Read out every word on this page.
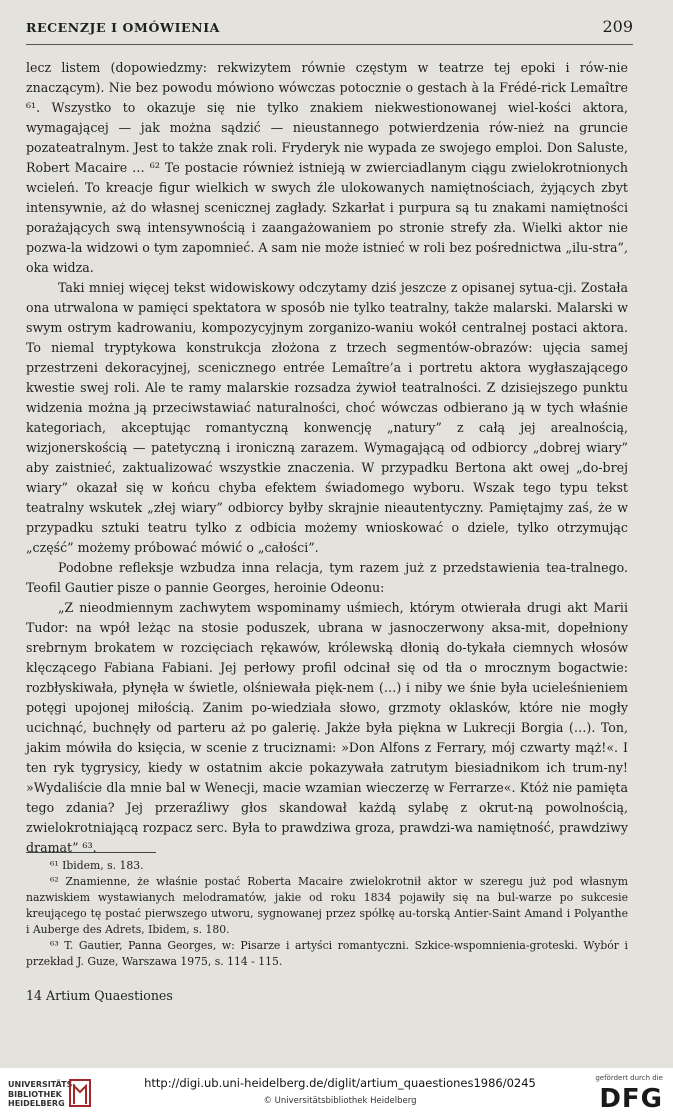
RECENZJE I OMÓWIENIA	209

lecz listem (dopowiedzmy: rekwizytem równie częstym w teatrze tej epoki i rów-nie znaczącym). Nie bez powodu mówiono wówczas potocznie o gestach à la Frédé-rick Lemaître ⁶¹. Wszystko to okazuje się nie tylko znakiem niekwestionowanej wiel-kości aktora, wymagającej — jak można sądzić — nieustannego potwierdzenia rów-nież na gruncie pozateatralnym. Jest to także znak roli. Fryderyk nie wypada ze swojego emploi. Don Saluste, Robert Macaire … ⁶² Te postacie również istnieją w zwierciadlanym ciągu zwielokrotnionych wcieleń. To kreacje figur wielkich w swych źle ulokowanych namiętnościach, żyjących zbyt intensywnie, aż do własnej scenicznej zagłady. Szkarłat i purpura są tu znakami namiętności porażających swą intensywnością i zaangażowaniem po stronie strefy zła. Wielki aktor nie pozwa-la widzowi o tym zapomnieć. A sam nie może istnieć w roli bez pośrednictwa „ilu-stra”, oka widza.

Taki mniej więcej tekst widowiskowy odczytamy dziś jeszcze z opisanej sytua-cji. Została ona utrwalona w pamięci spektatora w sposób nie tylko teatralny, także malarski. Malarski w swym ostrym kadrowaniu, kompozycyjnym zorganizo-waniu wokół centralnej postaci aktora. To niemal tryptykowa konstrukcja złożona z trzech segmentów-obrazów: ujęcia samej przestrzeni dekoracyjnej, scenicznego entrée Lemaître’a i portretu aktora wygłaszającego kwestie swej roli. Ale te ramy malarskie rozsadza żywioł teatralności. Z dzisiejszego punktu widzenia można ją przeciwstawiać naturalności, choć wówczas odbierano ją w tych właśnie kategoriach, akceptując romantyczną konwencję „natury” z całą jej arealnością, wizjonerskością — patetyczną i ironiczną zarazem. Wymagającą od odbiorcy „dobrej wiary” aby zaistnieć, zaktualizować wszystkie znaczenia. W przypadku Bertona akt owej „do-brej wiary” okazał się w końcu chyba efektem świadomego wyboru. Wszak tego typu tekst teatralny wskutek „złej wiary” odbiorcy byłby skrajnie nieautentyczny. Pamiętajmy zaś, że w przypadku sztuki teatru tylko z odbicia możemy wnioskować o dziele, tylko otrzymując „część” możemy próbować mówić o „całości”.

Podobne refleksje wzbudza inna relacja, tym razem już z przedstawienia tea-tralnego. Teofil Gautier pisze o pannie Georges, heroinie Odeonu:

„Z nieodmiennym zachwytem wspominamy uśmiech, którym otwierała drugi akt Marii Tudor: na wpół leżąc na stosie poduszek, ubrana w jasnoczerwony aksa-mit, dopełniony srebrnym brokatem w rozcięciach rękawów, królewską dłonią do-tykała ciemnych włosów klęczącego Fabiana Fabiani. Jej perłowy profil odcinał się od tła o mrocznym bogactwie: rozbłyskiwała, płynęła w świetle, olśniewała pięk-nem (…) i niby we śnie była ucieleśnieniem potęgi upojonej miłością. Zanim po-wiedziała słowo, grzmoty oklasków, które nie mogły ucichnąć, buchnęły od parteru aż po galerię. Jakże była piękna w Lukrecji Borgia (…). Ton, jakim mówiła do księcia, w scenie z truciznami: »Don Alfons z Ferrary, mój czwarty mąż!«. I ten ryk tygrysicy, kiedy w ostatnim akcie pokazywała zatrutym biesiadnikom ich trum-ny! »Wydaliście dla mnie bal w Wenecji, macie wzamian wieczerzę w Ferrarze«. Któż nie pamięta tego zdania? Jej przeraźliwy głos skandował każdą sylabę z okrut-ną powolnością, zwielokrotniającą rozpacz serc. Była to prawdziwa groza, prawdzi-wa namiętność, prawdziwy dramat” ⁶³.

⁶¹ Ibidem, s. 183.

⁶² Znamienne, że właśnie postać Roberta Macaire zwielokrotnił aktor w szeregu już pod własnym nazwiskiem wystawianych melodramatów, jakie od roku 1834 pojawiły się na bul-warze po sukcesie kreującego tę postać pierwszego utworu, sygnowanej przez spółkę au-torską Antier-Saint Amand i Polyanthe i Auberge des Adrets, Ibidem, s. 180.

⁶³ T. Gautier, Panna Georges, w: Pisarze i artyści romantyczni. Szkice-wspomnienia-groteski. Wybór i przekład J. Guze, Warszawa 1975, s. 114 - 115.

14 Artium Quaestiones
UNIVERSITÄTS-
BIBLIOTHEK
HEIDELBERG
http://digi.ub.uni-heidelberg.de/diglit/artium_quaestiones1986/0245
© Universitätsbibliothek Heidelberg
gefördert durch die
DFG
